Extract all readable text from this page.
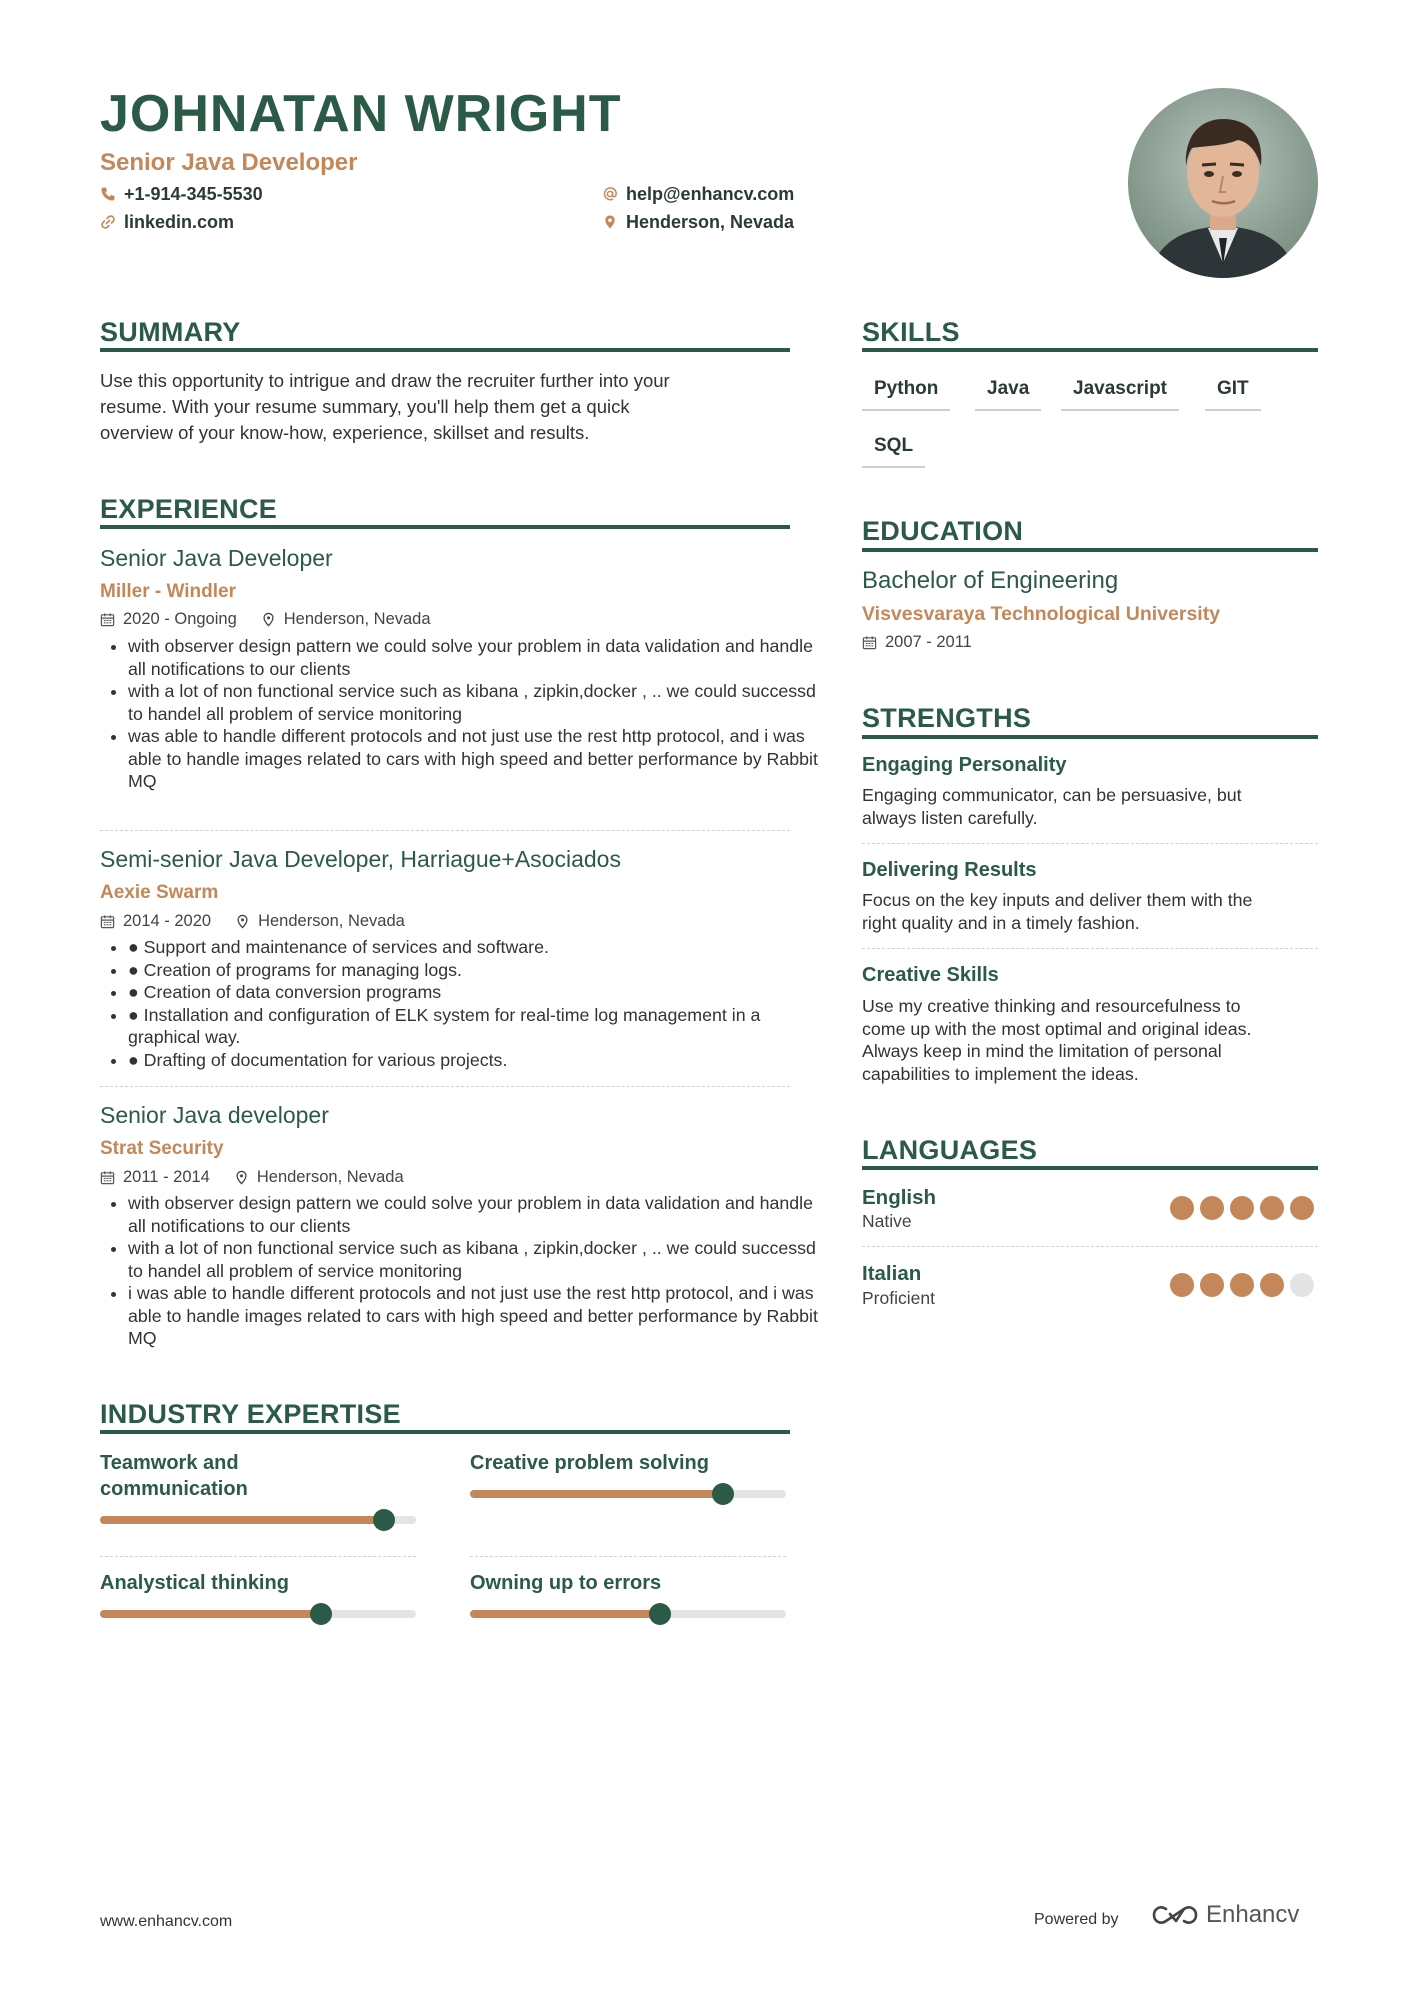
JOHNATAN WRIGHT
Senior Java Developer
+1-914-345-5530
linkedin.com
help@enhancv.com
Henderson, Nevada
SUMMARY
Use this opportunity to intrigue and draw the recruiter further into your
resume. With your resume summary, you'll help them get a quick
overview of your know-how, experience, skillset and results.
EXPERIENCE
Senior Java Developer
Miller - Windler
2020 - Ongoing	Henderson, Nevada
• with observer design pattern we could solve your problem in data validation and handle all notifications to our clients
• with a lot of non functional service such as kibana , zipkin,docker , .. we could successd to handel all problem of service monitoring
• was able to handle different protocols and not just use the rest http protocol, and i was able to handle images related to cars with high speed and better performance by Rabbit MQ
Semi-senior Java Developer, Harriague+Asociados
Aexie Swarm
2014 - 2020	Henderson, Nevada
• ● Support and maintenance of services and software.
• ● Creation of programs for managing logs.
• ● Creation of data conversion programs
• ● Installation and configuration of ELK system for real-time log management in a graphical way.
• ● Drafting of documentation for various projects.
Senior Java developer
Strat Security
2011 - 2014	Henderson, Nevada
• with observer design pattern we could solve your problem in data validation and handle all notifications to our clients
• with a lot of non functional service such as kibana , zipkin,docker , .. we could successd to handel all problem of service monitoring
• i was able to handle different protocols and not just use the rest http protocol, and i was able to handle images related to cars with high speed and better performance by Rabbit MQ
INDUSTRY EXPERTISE
Teamwork and
communication
Creative problem solving
Analystical thinking	Owning up to errors
SKILLS
Python	Java	Javascript	GIT
SQL
EDUCATION
Bachelor of Engineering
Visvesvaraya Technological University
2007 - 2011
STRENGTHS
Engaging Personality
Engaging communicator, can be persuasive, but
always listen carefully.
Delivering Results
Focus on the key inputs and deliver them with the
right quality and in a timely fashion.
Creative Skills
Use my creative thinking and resourcefulness to
come up with the most optimal and original ideas.
Always keep in mind the limitation of personal
capabilities to implement the ideas.
LANGUAGES
English
Native
Italian
Proficient
www.enhancv.com	Powered by	Enhancv
